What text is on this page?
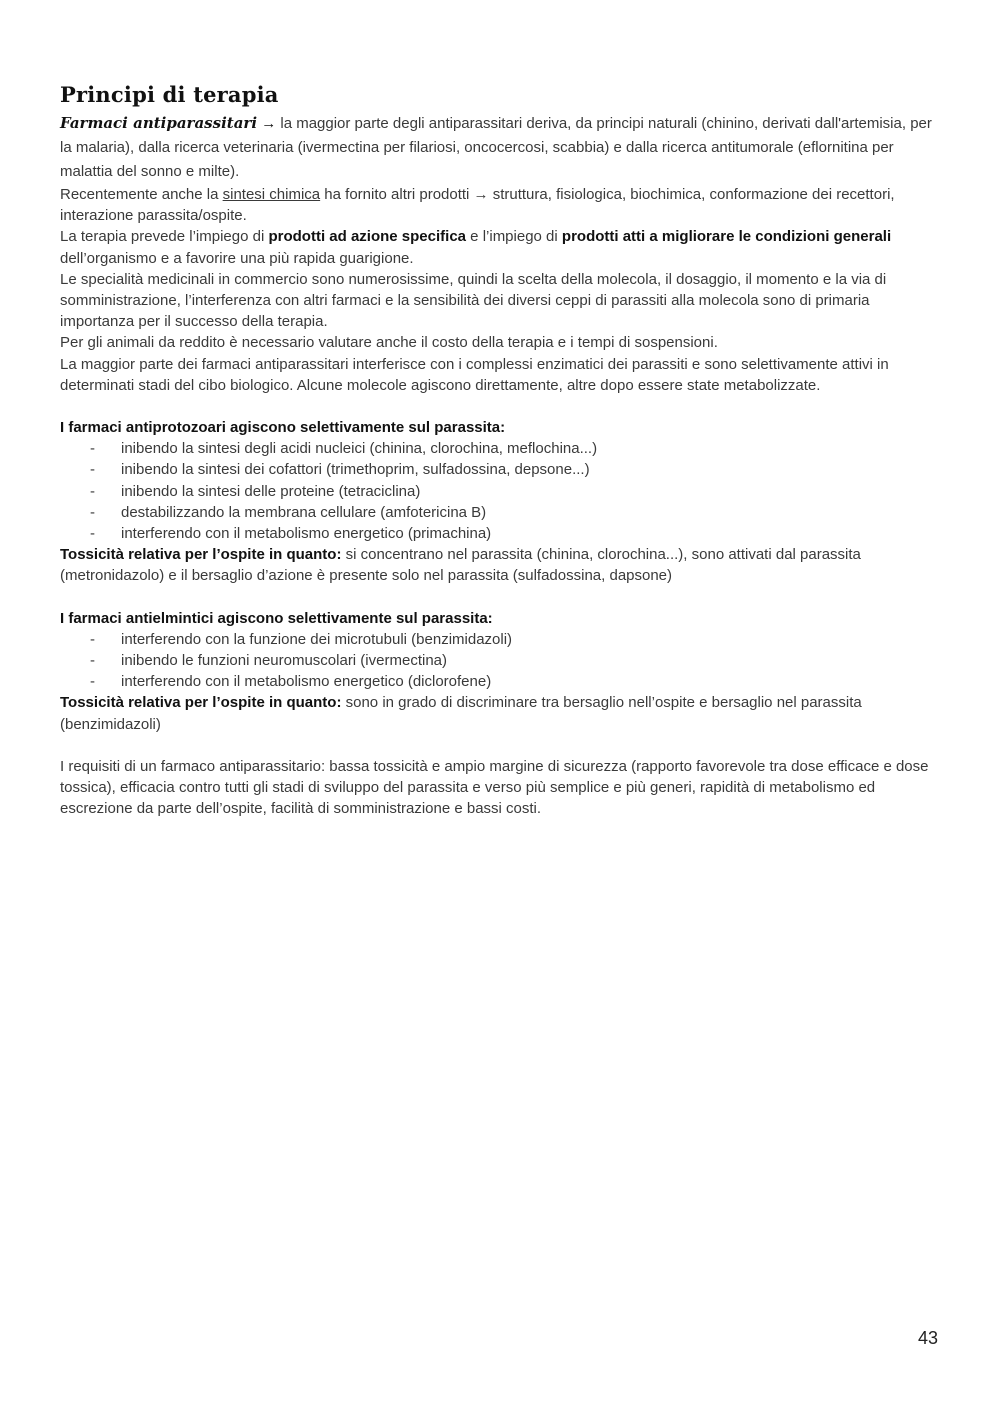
Principi di terapia

Farmaci antiparassitari → la maggior parte degli antiparassitari deriva, da principi naturali (chinino, derivati dall'artemisia, per la malaria), dalla ricerca veterinaria (ivermectina per filariosi, oncocercosi, scabbia) e dalla ricerca antitumorale (eflornitina per malattia del sonno e milte).

Recentemente anche la sintesi chimica ha fornito altri prodotti → struttura, fisiologica, biochimica, conformazione dei recettori, interazione parassita/ospite.

La terapia prevede l’impiego di prodotti ad azione specifica e l’impiego di prodotti atti a migliorare le condizioni generali dell’organismo e a favorire una più rapida guarigione.

Le specialità medicinali in commercio sono numerosissime, quindi la scelta della molecola, il dosaggio, il momento e la via di somministrazione, l’interferenza con altri farmaci e la sensibilità dei diversi ceppi di parassiti alla molecola sono di primaria importanza per il successo della terapia.

Per gli animali da reddito è necessario valutare anche il costo della terapia e i tempi di sospensioni.

La maggior parte dei farmaci antiparassitari interferisce con i complessi enzimatici dei parassiti e sono selettivamente attivi in determinati stadi del cibo biologico. Alcune molecole agiscono direttamente, altre dopo essere state metabolizzate.

I farmaci antiprotozoari agiscono selettivamente sul parassita:

- inibendo la sintesi degli acidi nucleici (chinina, clorochina, meflochina...)
- inibendo la sintesi dei cofattori (trimethoprim, sulfadossina, depsone...)
- inibendo la sintesi delle proteine (tetraciclina)
- destabilizzando la membrana cellulare (amfotericina B)
- interferendo con il metabolismo energetico (primachina)

Tossicità relativa per l’ospite in quanto: si concentrano nel parassita (chinina, clorochina...), sono attivati dal parassita (metronidazolo) e il bersaglio d’azione è presente solo nel parassita (sulfadossina, dapsone)

I farmaci antielmintici agiscono selettivamente sul parassita:

- interferendo con la funzione dei microtubuli (benzimidazoli)
- inibendo le funzioni neuromuscolari (ivermectina)
- interferendo con il metabolismo energetico (diclorofene)

Tossicità relativa per l’ospite in quanto: sono in grado di discriminare tra bersaglio nell’ospite e bersaglio nel parassita (benzimidazoli)

I requisiti di un farmaco antiparassitario: bassa tossicità e ampio margine di sicurezza (rapporto favorevole tra dose efficace e dose tossica), efficacia contro tutti gli stadi di sviluppo del parassita e verso più semplice e più generi, rapidità di metabolismo ed escrezione da parte dell’ospite, facilità di somministrazione e bassi costi.

43
